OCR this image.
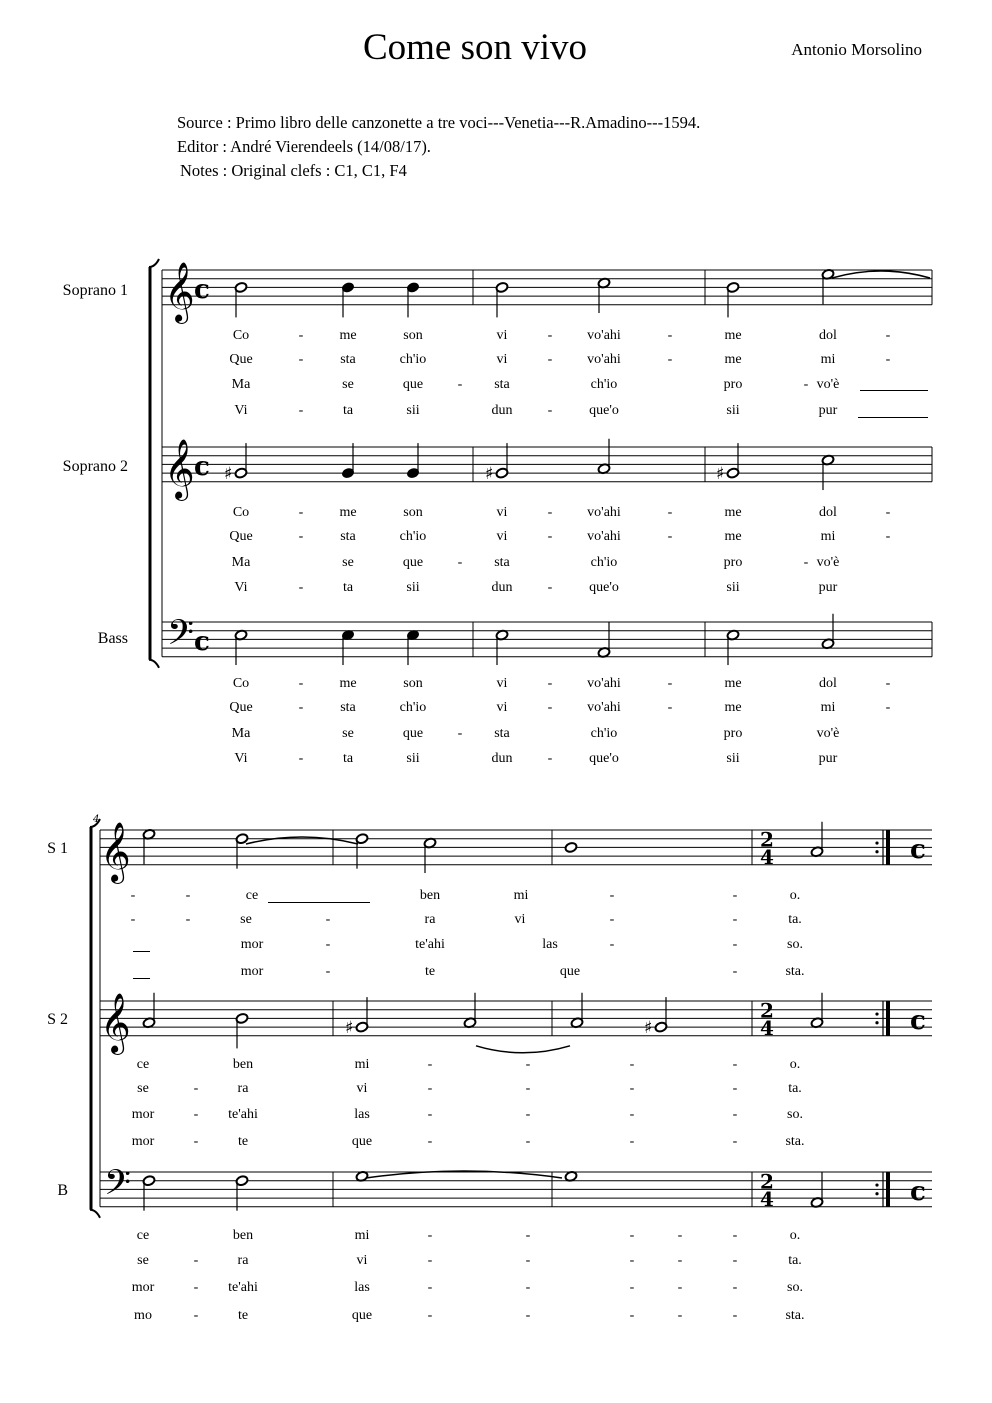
Come son vivo	Antonio Morsolino
Source : Primo libro delle canzonette a tre voci---Venetia---R.Amadino---1594.
Editor : André Vierendeels (14/08/17).
Notes : Original clefs : C1, C1, F4
Soprano 1
Soprano 2
Bass
S 1
S 2
B
𝄞
𝄞
𝄢
c
c
c
♯	♯	♯
4
𝄞
𝄞
𝄢
c
2
4
c
2
4
c
2
4
♯	♯
Co	-	me	son	vi	- vo'ahi	-	me	dol	-
Que	-	sta	ch'io	vi	- vo'ahi	-	me	mi	-
Ma	se	que - sta	ch'io	pro	- vo'è
Vi	-	ta	sii	dun	-	que'o	sii	pur
Co	-	me	son	vi	- vo'ahi	-	me	dol	-
Que	-	sta	ch'io	vi	- vo'ahi	-	me	mi	-
Ma	se	que - sta	ch'io	pro	- vo'è
Vi	-	ta	sii	dun	-	que'o	sii	pur
Co	-	me	son	vi	- vo'ahi	-	me	dol	-
Que	-	sta	ch'io	vi	- vo'ahi	-	me	mi	-
Ma	se	que - sta	ch'io	pro	vo'è
Vi	-	ta	sii	dun	-	que'o	sii	pur
-	-	ce	ben	mi	-	-	o.
-	-	se	-	ra	vi	-	-	ta.
mor	-	te'ahi	las	-	-	so.
mor	-	te	que	-	sta.
ce	ben	mi	-	-	-	-	o.
se	-	ra	vi	-	-	-	-	ta.
mor	- te'ahi	las	-	-	-	-	so.
mor	-	te	que	-	-	-	-	sta.
ce	ben	mi	-	-	-	-	-	o.
se	-	ra	vi	-	-	-	-	-	ta.
mor	- te'ahi	las	-	-	-	-	-	so.
mo	-	te	que	-	-	-	-	-	sta.
